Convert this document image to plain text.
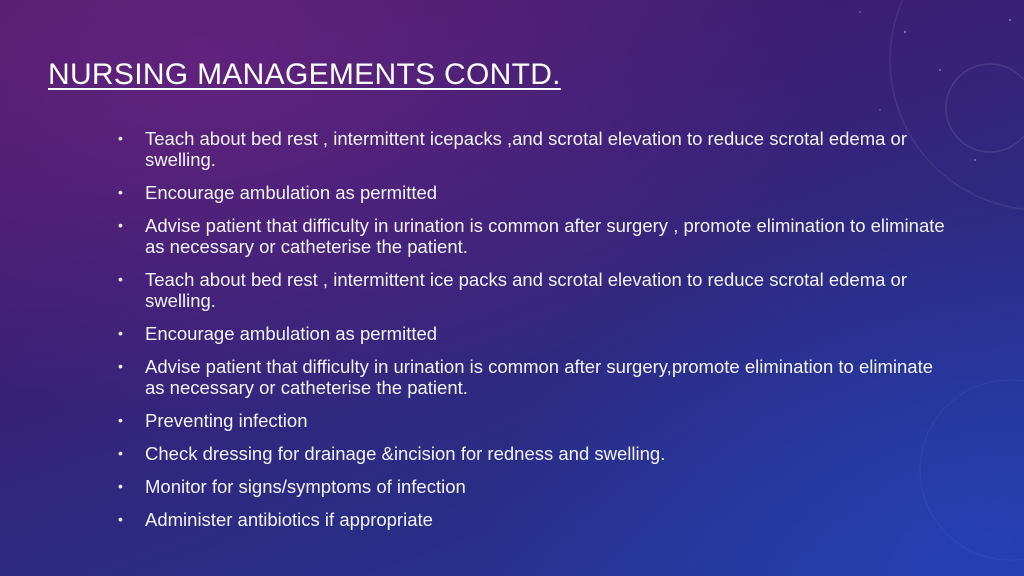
NURSING MANAGEMENTS CONTD.
• Teach about bed rest , intermittent icepacks ,and scrotal elevation to reduce scrotal edema or swelling.
• Encourage ambulation as permitted
• Advise patient that difficulty in urination is common after surgery , promote elimination to eliminate as necessary or catheterise the patient.
• Teach about bed rest , intermittent ice packs and scrotal elevation to reduce scrotal edema or swelling.
• Encourage ambulation as permitted
• Advise patient that difficulty in urination is common after surgery,promote elimination to eliminate as necessary or catheterise the patient.
• Preventing infection
• Check dressing for drainage &incision for redness and swelling.
• Monitor for signs/symptoms of infection
• Administer antibiotics if appropriate
